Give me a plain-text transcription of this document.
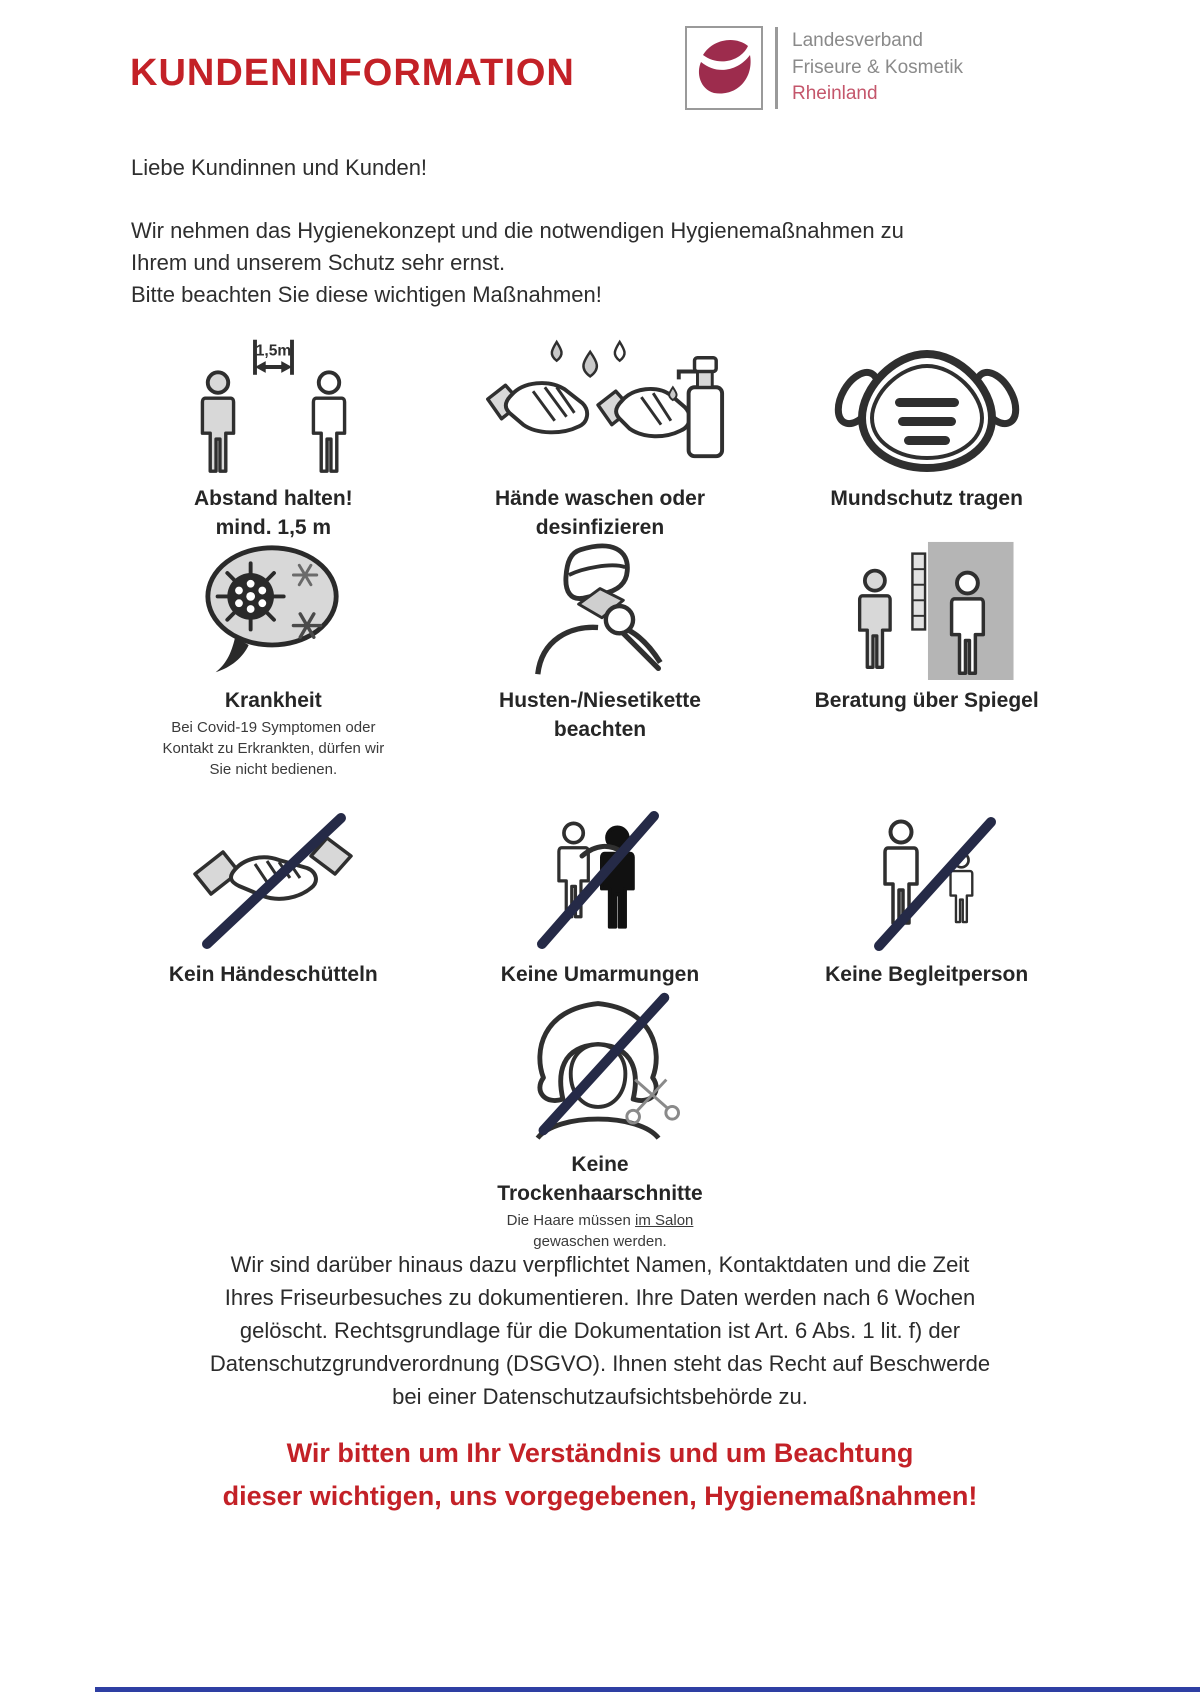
KUNDENINFORMATION
Landesverband
Friseure & Kosmetik
Rheinland
Liebe Kundinnen und Kunden!
Wir nehmen das Hygienekonzept und die notwendigen Hygienemaßnahmen zu
Ihrem und unserem Schutz sehr ernst.
Bitte beachten Sie diese wichtigen Maßnahmen!
1,5m
Abstand halten!
mind. 1,5 m
Hände waschen oder
desinfizieren
Mundschutz tragen
Krankheit
Bei Covid-19 Symptomen oder
Kontakt zu Erkrankten, dürfen wir
Sie nicht bedienen.
Husten-/Niesetikette
beachten
Beratung über Spiegel
Kein Händeschütteln	Keine Umarmungen	Keine Begleitperson
Keine
Trockenhaarschnitte
Die Haare müssen im Salon
gewaschen werden.
Wir sind darüber hinaus dazu verpflichtet Namen, Kontaktdaten und die Zeit
Ihres Friseurbesuches zu dokumentieren. Ihre Daten werden nach 6 Wochen
gelöscht. Rechtsgrundlage für die Dokumentation ist Art. 6 Abs. 1 lit. f) der
Datenschutzgrundverordnung (DSGVO). Ihnen steht das Recht auf Beschwerde
bei einer Datenschutzaufsichtsbehörde zu.
Wir bitten um Ihr Verständnis und um Beachtung
dieser wichtigen, uns vorgegebenen, Hygienemaßnahmen!
